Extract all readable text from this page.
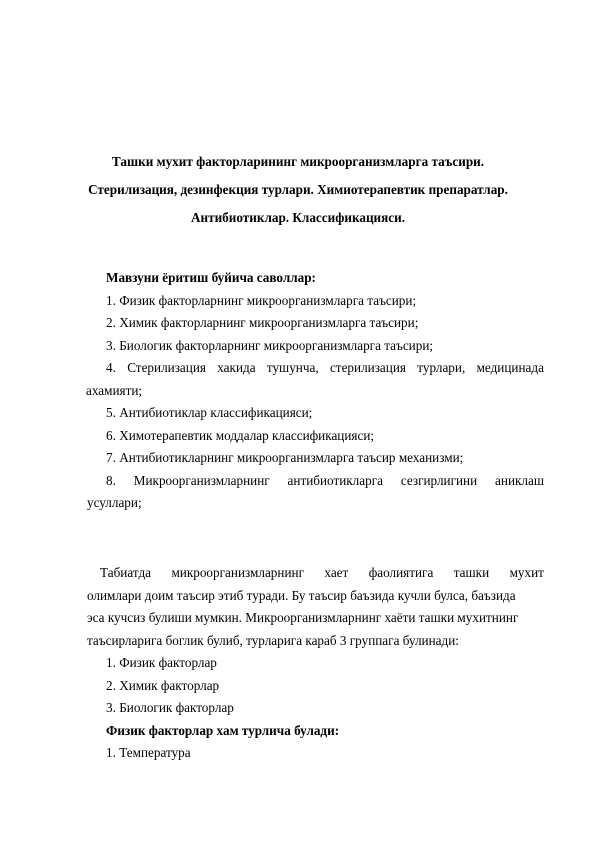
Ташки мухит факторларининг микроорганизмларга таъсири.
Стерилизация, дезинфекция турлари. Химиотерапевтик препаратлар.
Антибиотиклар. Классификацияси.
Мавзуни ёритиш буйича саволлар:
1. Физик факторларнинг микроорганизмларга таъсири;
2. Химик факторларнинг микроорганизмларга таъсири;
3. Биологик факторларнинг микроорганизмларга таъсири;
4. Стерилизация хакида тушунча, стерилизация турлари, медицинада
ахамияти;
5. Антибиотиклар классификацияси;
6. Химотерапевтик моддалар классификацияси;
7. Антибиотикларнинг микроорганизмларга таъсир механизми;
8. Микроорганизмларнинг антибиотикларга сезгирлигини аниклаш
усуллари;
Табиатда микроорганизмларнинг хает фаолиятига ташки мухит
олимлари доим таъсир этиб туради. Бу таъсир баъзида кучли булса, баъзида
эса кучсиз булиши мумкин. Микроорганизмларнинг хаёти ташки мухитнинг
таъсирларига боглик булиб, турларига караб 3 группага булинади:
1. Физик факторлар
2. Химик факторлар
3. Биологик факторлар
Физик факторлар хам турлича булади:
1. Температура
